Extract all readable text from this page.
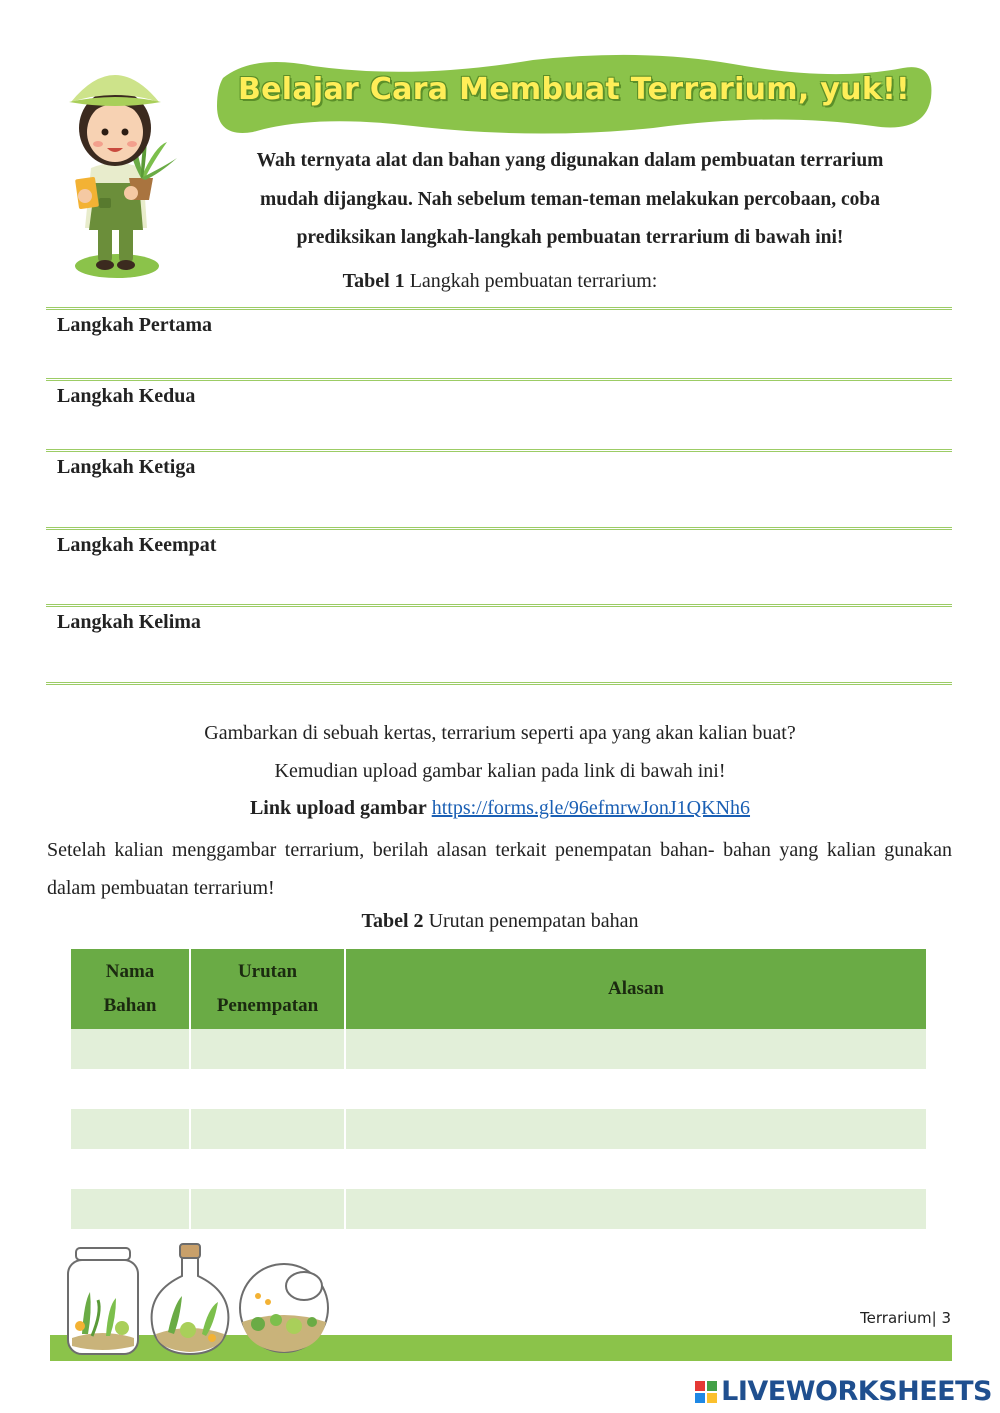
Belajar Cara Membuat Terrarium, yuk!!
Wah ternyata alat dan bahan yang digunakan dalam pembuatan terrarium
mudah dijangkau. Nah sebelum teman-teman melakukan percobaan, coba
prediksikan langkah-langkah pembuatan terrarium di bawah ini!
Tabel 1 Langkah pembuatan terrarium:
Langkah Pertama
Langkah Kedua
Langkah Ketiga
Langkah Keempat
Langkah Kelima
Gambarkan di sebuah kertas, terrarium seperti apa yang akan kalian buat?
Kemudian upload gambar kalian pada link di bawah ini!
Link upload gambar https://forms.gle/96efmrwJonJ1QKNh6
Setelah kalian menggambar terrarium, berilah alasan terkait penempatan bahan- bahan yang kalian gunakan dalam pembuatan terrarium!
Tabel 2 Urutan penempatan bahan
Nama Bahan	Urutan Penempatan	Alasan

Terrarium| 3
LIVEWORKSHEETS
